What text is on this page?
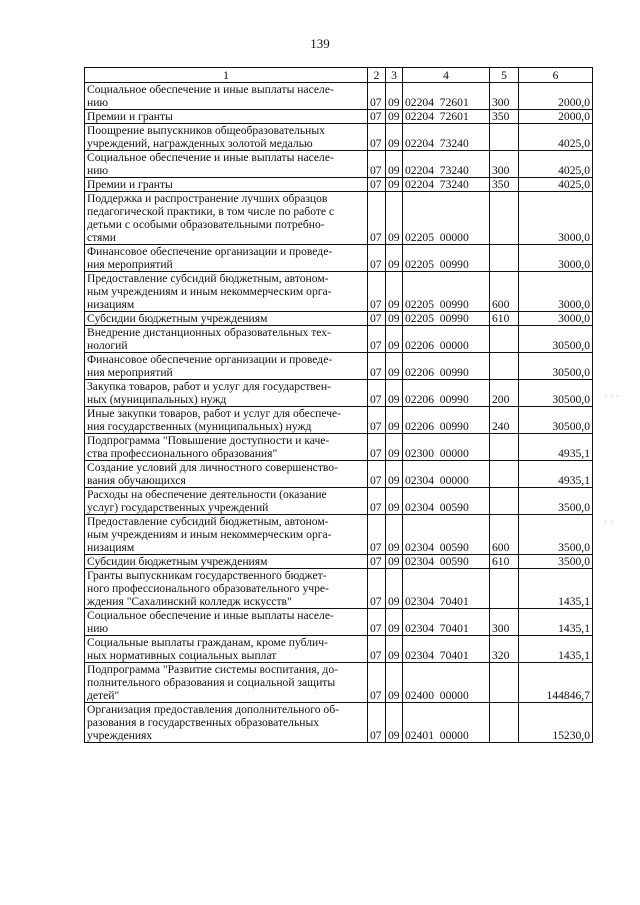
139
1	2	3	4	5	6
Социальное обеспечение и иные выплаты населе-
нию	07	09	02204  72601	300	2000,0
Премии и гранты	07	09	02204  72601	350	2000,0
Поощрение выпускников общеобразовательных
учреждений, награжденных золотой медалью	07	09	02204  73240		4025,0
Социальное обеспечение и иные выплаты населе-
нию	07	09	02204  73240	300	4025,0
Премии и гранты	07	09	02204  73240	350	4025,0
Поддержка и распространение лучших образцов
педагогической практики, в том числе по работе с
детьми с особыми образовательными потребно-
стями	07	09	02205  00000		3000,0
Финансовое обеспечение организации и проведе-
ния мероприятий	07	09	02205  00990		3000,0
Предоставление субсидий бюджетным, автоном-
ным учреждениям и иным некоммерческим орга-
низациям	07	09	02205  00990	600	3000,0
Субсидии бюджетным учреждениям	07	09	02205  00990	610	3000,0
Внедрение дистанционных образовательных тех-
нологий	07	09	02206  00000		30500,0
Финансовое обеспечение организации и проведе-
ния мероприятий	07	09	02206  00990		30500,0
Закупка товаров, работ и услуг для государствен-
ных (муниципальных) нужд	07	09	02206  00990	200	30500,0
Иные закупки товаров, работ и услуг для обеспече-
ния государственных (муниципальных) нужд	07	09	02206  00990	240	30500,0
Подпрограмма "Повышение доступности и каче-
ства профессионального образования"	07	09	02300  00000		4935,1
Создание условий для личностного совершенство-
вания обучающихся	07	09	02304  00000		4935,1
Расходы на обеспечение деятельности (оказание
услуг) государственных учреждений	07	09	02304  00590		3500,0
Предоставление субсидий бюджетным, автоном-
ным учреждениям и иным некоммерческим орга-
низациям	07	09	02304  00590	600	3500,0
Субсидии бюджетным учреждениям	07	09	02304  00590	610	3500,0
Гранты выпускникам государственного бюджет-
ного профессионального образовательного учре-
ждения "Сахалинский колледж искусств"	07	09	02304  70401		1435,1
Социальное обеспечение и иные выплаты населе-
нию	07	09	02304  70401	300	1435,1
Социальные выплаты гражданам, кроме публич-
ных нормативных социальных выплат	07	09	02304  70401	320	1435,1
Подпрограмма "Развитие системы воспитания, до-
полнительного образования и социальной защиты
детей"	07	09	02400  00000		144846,7
Организация предоставления дополнительного об-
разования в государственных образовательных
учреждениях	07	09	02401  00000		15230,0
· · ·
· ·
